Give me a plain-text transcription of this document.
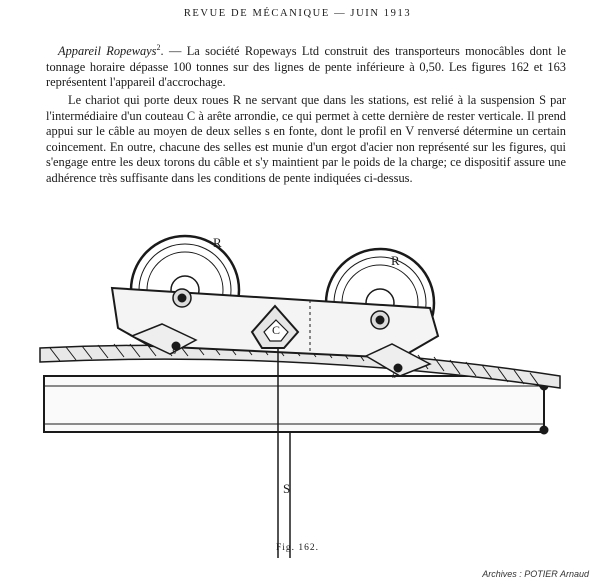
REVUE DE MÉCANIQUE — JUIN 1913

Appareil Ropeways$^2$. — La société Ropeways Ltd construit des transporteurs monocâbles dont le tonnage horaire dépasse 100 tonnes sur des lignes de pente inférieure à 0,50. Les figures 162 et 163 représentent l'appareil d'accrochage.

Le chariot qui porte deux roues R ne servant que dans les stations, est relié à la suspension S par l'intermédiaire d'un couteau C à arête arrondie, ce qui permet à cette dernière de rester verticale. Il prend appui sur le câble au moyen de deux selles s en fonte, dont le profil en V renversé détermine un certain coincement. En outre, chacune des selles est munie d'un ergot d'acier non représenté sur les figures, qui s'engage entre les deux torons du câble et s'y maintient par le poids de la charge; ce dispositif assure une adhérence très suffisante dans les conditions de pente indiquées ci-dessus.

R
R
C
s
s
S
Fig. 162.
Archives : POTIER Arnaud
